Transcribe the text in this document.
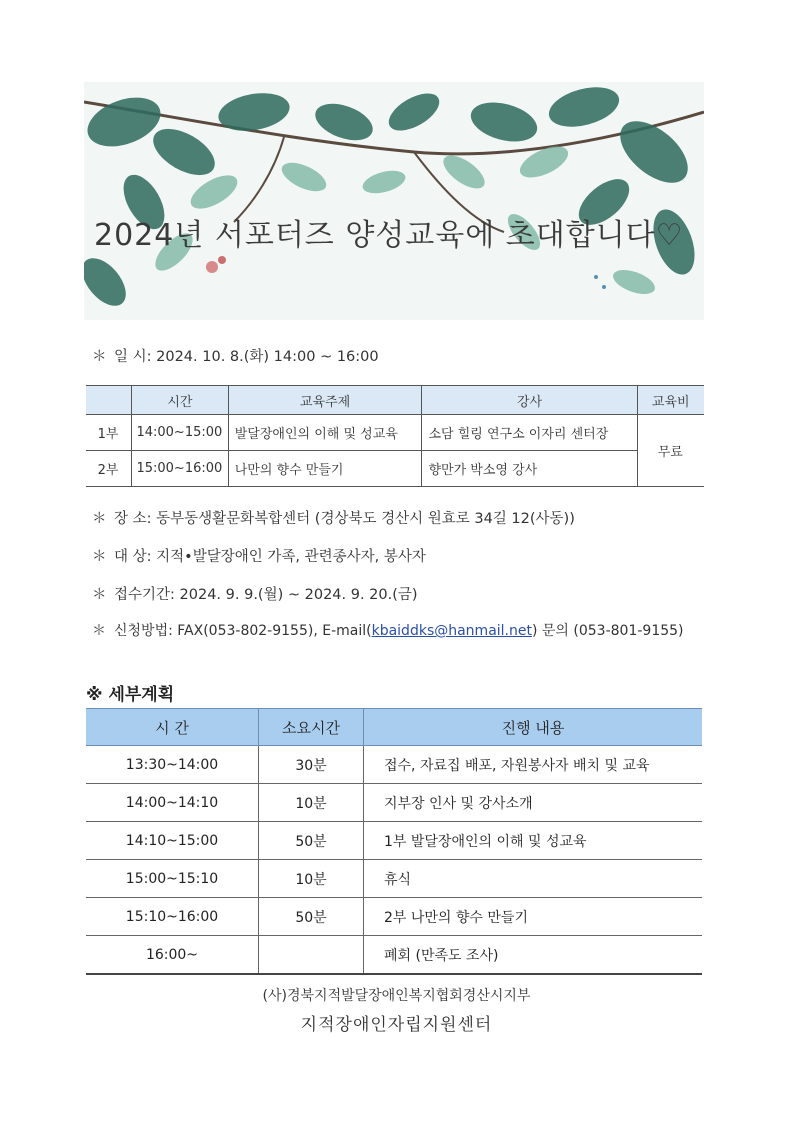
2024년 서포터즈 양성교육에 초대합니다♡
＊ 일 시: 2024. 10. 8.(화) 14:00 ~ 16:00
	시간	교육주제	강사	교육비
1부	14:00~15:00	발달장애인의 이해 및 성교육	소담 힐링 연구소 이자리 센터장	무료
2부	15:00~16:00	나만의 향수 만들기	향만가 박소영 강사	
＊ 장 소: 동부동생활문화복합센터 (경상북도 경산시 원효로 34길 12(사동))
＊ 대 상: 지적•발달장애인 가족, 관련종사자, 봉사자
＊ 접수기간: 2024. 9. 9.(월) ~ 2024. 9. 20.(금)
＊ 신청방법: FAX(053-802-9155), E-mail(kbaiddks@hanmail.net) 문의 (053-801-9155)
※ 세부계획
시 간	소요시간	진행 내용
13:30~14:00	30분	접수, 자료집 배포, 자원봉사자 배치 및 교육
14:00~14:10	10분	지부장 인사 및 강사소개
14:10~15:00	50분	1부 발달장애인의 이해 및 성교육
15:00~15:10	10분	휴식
15:10~16:00	50분	2부 나만의 향수 만들기
16:00~		폐회 (만족도 조사)
(사)경북지적발달장애인복지협회경산시지부
지적장애인자립지원센터
